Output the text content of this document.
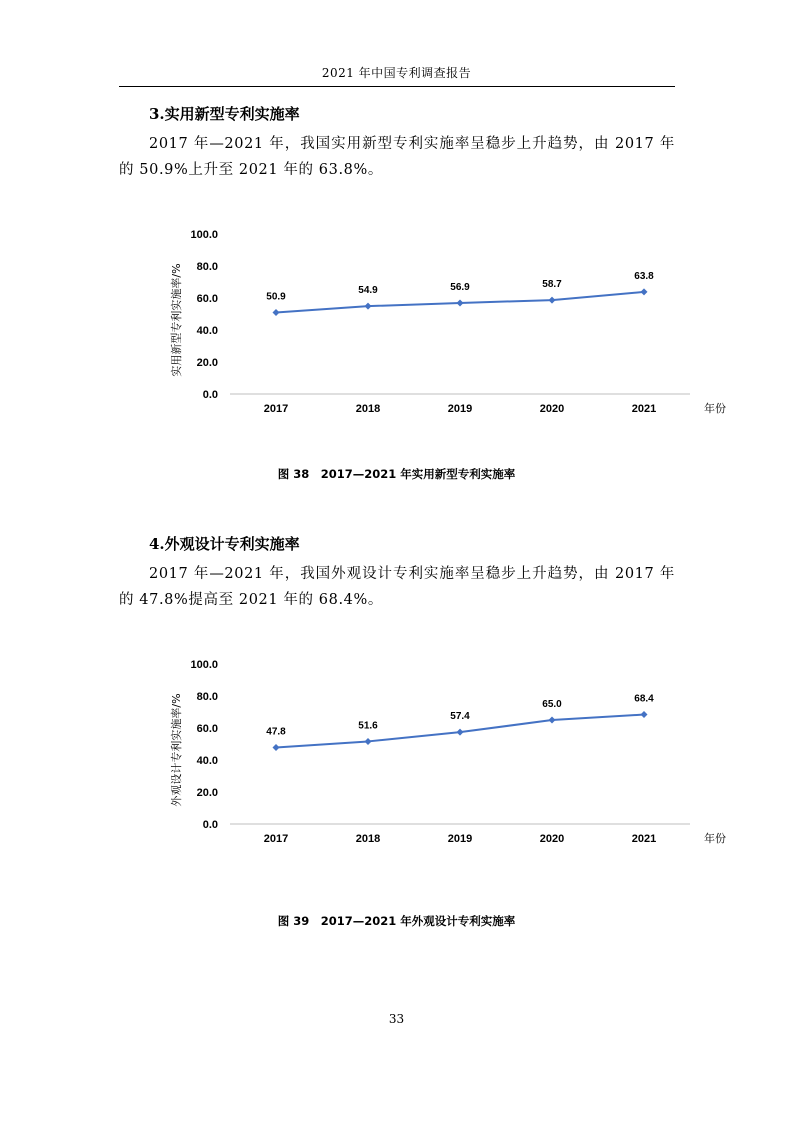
2021 年中国专利调查报告
3.实用新型专利实施率
2017 年—2021 年，我国实用新型专利实施率呈稳步上升趋势，由 2017 年的 50.9%上升至 2021 年的 63.8%。
0.0
20.0
40.0
60.0
80.0
100.0
实用新型专利实施率/%
2017	2018	2019	2020	2021	年份
50.9
54.9	56.9	58.7
63.8
图 38　2017—2021 年实用新型专利实施率
4.外观设计专利实施率
2017 年—2021 年，我国外观设计专利实施率呈稳步上升趋势，由 2017 年的 47.8%提高至 2021 年的 68.4%。
0.0
20.0
40.0
60.0
80.0
100.0
外观设计专利实施率/%
2017	2018	2019	2020	2021	年份
47.8
51.6
57.4
65.0	68.4
图 39　2017—2021 年外观设计专利实施率
33
